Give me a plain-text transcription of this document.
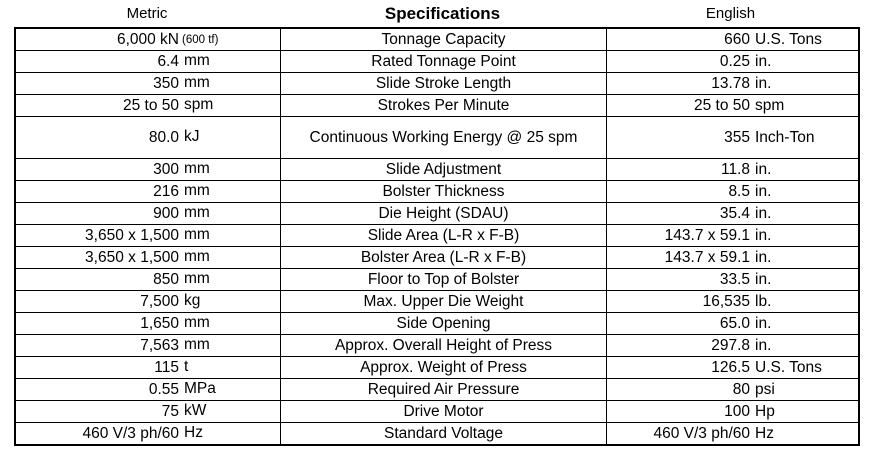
Metric	Specifications	English
6,000 kN (600 tf)	Tonnage Capacity	660 U.S. Tons

6.4 mm	Rated Tonnage Point	0.25 in.

350 mm	Slide Stroke Length	13.78 in.

25 to 50 spm	Strokes Per Minute	25 to 50 spm

80.0 kJ	Continuous Working Energy @ 25 spm	355 Inch-Ton

300 mm	Slide Adjustment	11.8 in.

216 mm	Bolster Thickness	8.5 in.

900 mm	Die Height (SDAU)	35.4 in.

3,650 x 1,500 mm	Slide Area (L-R x F-B)	143.7 x 59.1 in.

3,650 x 1,500 mm	Bolster Area (L-R x F-B)	143.7 x 59.1 in.

850 mm	Floor to Top of Bolster	33.5 in.

7,500 kg	Max. Upper Die Weight	16,535 lb.

1,650 mm	Side Opening	65.0 in.

7,563 mm	Approx. Overall Height of Press	297.8 in.

115 t	Approx. Weight of Press	126.5 U.S. Tons

0.55 MPa	Required Air Pressure	80 psi

75 kW	Drive Motor	100 Hp

460 V/3 ph/60 Hz	Standard Voltage	460 V/3 ph/60 Hz
